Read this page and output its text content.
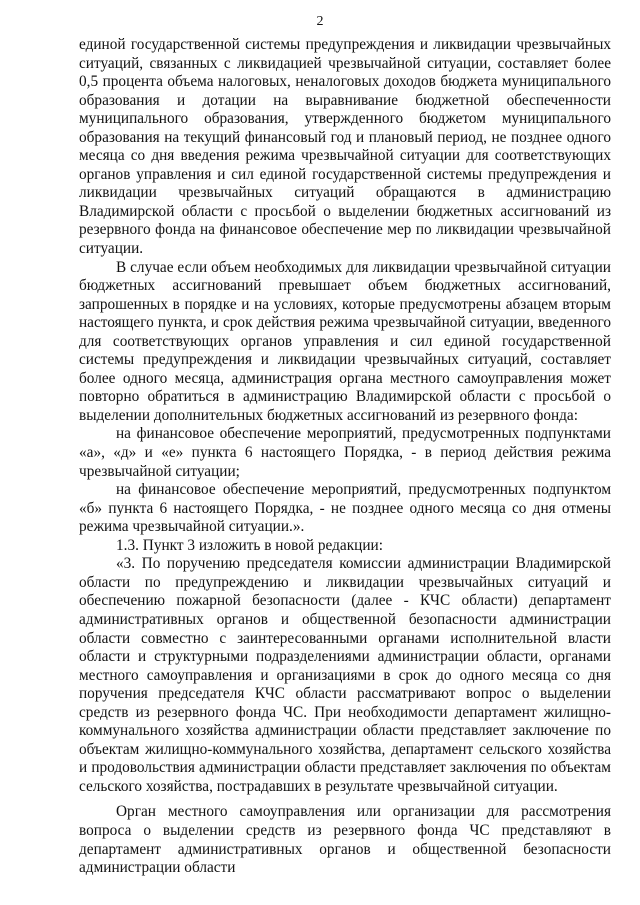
2

единой государственной системы предупреждения и ликвидации чрезвычайных ситуаций, связанных с ликвидацией чрезвычайной ситуации, составляет более 0,5 процента объема налоговых, неналоговых доходов бюджета муниципального образования и дотации на выравнивание бюджетной обеспеченности муниципального образования, утвержденного бюджетом муниципального образования на текущий финансовый год и плановый период, не позднее одного месяца со дня введения режима чрезвычайной ситуации для соответствующих органов управления и сил единой государственной системы предупреждения и ликвидации чрезвычайных ситуаций обращаются в администрацию Владимирской области с просьбой о выделении бюджетных ассигнований из резервного фонда на финансовое обеспечение мер по ликвидации чрезвычайной ситуации.

В случае если объем необходимых для ликвидации чрезвычайной ситуации бюджетных ассигнований превышает объем бюджетных ассигнований, запрошенных в порядке и на условиях, которые предусмотрены абзацем вторым настоящего пункта, и срок действия режима чрезвычайной ситуации, введенного для соответствующих органов управления и сил единой государственной системы предупреждения и ликвидации чрезвычайных ситуаций, составляет более одного месяца, администрация органа местного самоуправления может повторно обратиться в администрацию Владимирской области с просьбой о выделении дополнительных бюджетных ассигнований из резервного фонда:

на финансовое обеспечение мероприятий, предусмотренных подпунктами «а», «д» и «е» пункта 6 настоящего Порядка, - в период действия режима чрезвычайной ситуации;

на финансовое обеспечение мероприятий, предусмотренных подпунктом «б» пункта 6 настоящего Порядка, - не позднее одного месяца со дня отмены режима чрезвычайной ситуации.».

1.3. Пункт 3 изложить в новой редакции:

«3. По поручению председателя комиссии администрации Владимирской области по предупреждению и ликвидации чрезвычайных ситуаций и обеспечению пожарной безопасности (далее - КЧС области) департамент административных органов и общественной безопасности администрации области совместно с заинтересованными органами исполнительной власти области и структурными подразделениями администрации области, органами местного самоуправления и организациями в срок до одного месяца со дня поручения председателя КЧС области рассматривают вопрос о выделении средств из резервного фонда ЧС. При необходимости департамент жилищно-коммунального хозяйства администрации области представляет заключение по объектам жилищно-коммунального хозяйства, департамент сельского хозяйства и продовольствия администрации области представляет заключения по объектам сельского хозяйства, пострадавших в результате чрезвычайной ситуации.

Орган местного самоуправления или организации для рассмотрения вопроса о выделении средств из резервного фонда ЧС представляют в департамент административных органов и общественной безопасности администрации области
